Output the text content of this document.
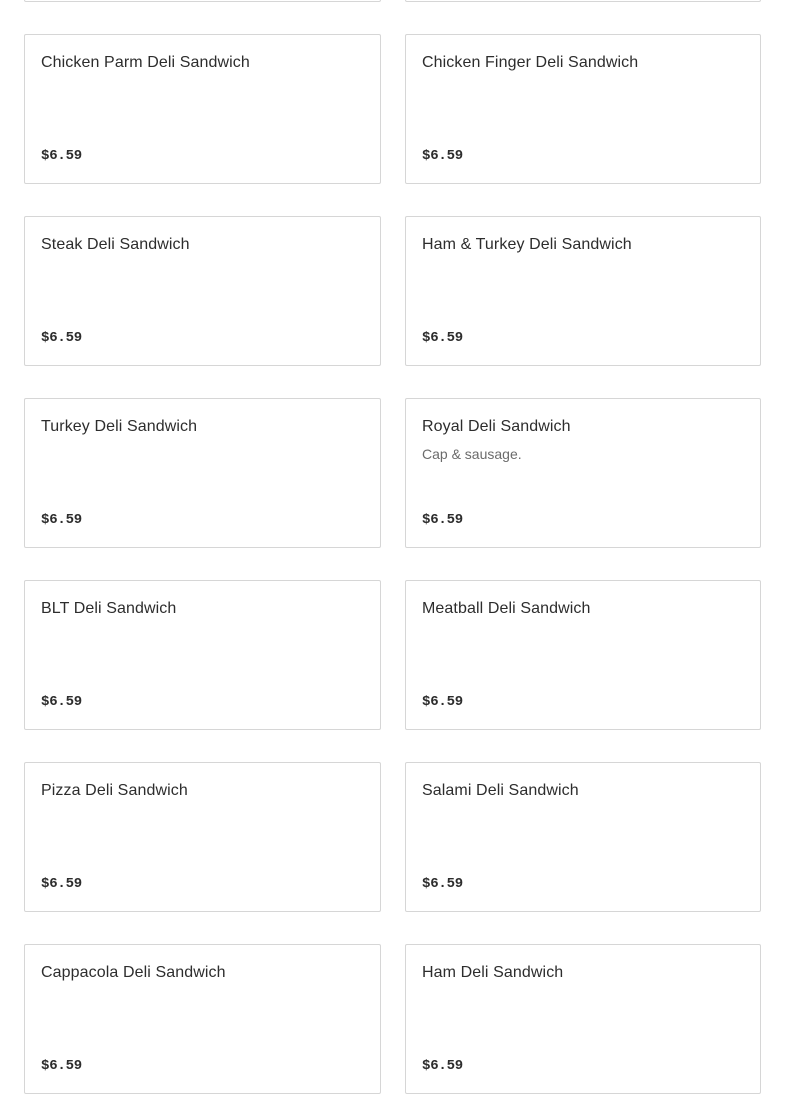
Chicken Parm Deli Sandwich
$6.59
Chicken Finger Deli Sandwich
$6.59
Steak Deli Sandwich
$6.59
Ham & Turkey Deli Sandwich
$6.59
Turkey Deli Sandwich
$6.59
Royal Deli Sandwich
Cap & sausage.
$6.59
BLT Deli Sandwich
$6.59
Meatball Deli Sandwich
$6.59
Pizza Deli Sandwich
$6.59
Salami Deli Sandwich
$6.59
Cappacola Deli Sandwich
$6.59
Ham Deli Sandwich
$6.59
